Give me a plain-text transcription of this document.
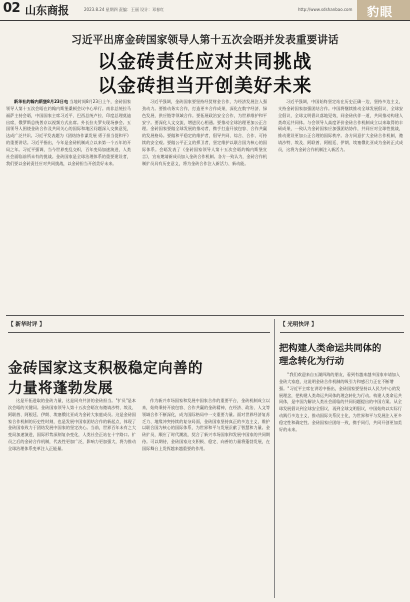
02 山东商报	2023.8.24 星期四 责编：王丽 设计：邓春红	http://www.sdshanbao.com 豹眼
习近平出席金砖国家领导人第十五次会晤并发表重要讲话
以金砖责任应对共同挑战
以金砖担当开创美好未来

新华社约翰内斯堡8月23日电 当地时间8月23日上午，金砖国家领导人第十五次会晤在约翰内斯堡桑顿会议中心举行。南非总统拉马福萨主持会晤，中国国家主席习近平、巴西总统卢拉、印度总理莫迪出席，俄罗斯总统普京以视频方式出席。外长拉夫罗夫现场参会。五国领导人围绕金砖合作及共同关心的国际和地区问题深入交换意见，达成广泛共识。习近平发表题为《团结协作谋发展 勇于担当促和平》的重要讲话。习近平指出，今年是金砖机制成立以来第一个五年的开局之年。习近平强调，当今世界变乱交织，百年变局加速演进，人类社会面临前所未有的挑战。金砖国家是全球治理体系的重要建设者，我们要以金砖责任应对共同挑战，以金砖担当开创美好未来。

习近平强调，金砖国家要坚持经贸财金合作，为经济发展注入强劲动力。要推动务实合作，打造更多合作成果，深化在数字经济、绿色发展、供应链等领域合作。要拓展政治安全合作，为世界维护和平安宁。要深化人文交流，增进民心相通。要推动全球治理更加公正合理。金砖国家要做全球发展的推动者，携手打造开放包容、合作共赢的发展格局。要做和平稳定的维护者，倡导共同、综合、合作、可持续的安全观。要做公平正义的捍卫者，坚定维护以联合国为核心的国际体系。会晤发表了《金砖国家领导人第十五次会晤约翰内斯堡宣言》，宣布邀请新成员加入金砖合作机制。各方一致认为，金砖合作机制扩员具有历史意义，将为金砖合作注入新活力、新动能。

习近平强调，中国始终坚定站在历史正确一边，坚持多边主义，支持金砖国家加强团结合作。中国将继续推动全球发展倡议、全球安全倡议、全球文明倡议落地见效，同金砖伙伴一道，共同推动构建人类命运共同体。与会领导人高度评价金砖合作机制成立以来取得的丰硕成果，一致认为金砖国家应加强团结协作，共同应对全球性挑战，推动建设更加公正合理的国际秩序。各方同意扩大金砖合作机制，邀请沙特、埃及、阿联酋、阿根廷、伊朗、埃塞俄比亚成为金砖正式成员，这将为金砖合作机制注入新活力。

【 新华时评 】
金砖国家这支积极稳定向善的
力量将蓬勃发展

这是开拓进取的金砖力量，这是同舟共济的金砖担当。"扩员"是本次会晤的关键词。金砖国家领导人第十五次会晤宣布邀请沙特、埃及、阿联酋、阿根廷、伊朗、埃塞俄比亚成为金砖大家庭成员。这是金砖国家合作机制的历史性时刻，也是发展中国家团结合作的新起点，体现了金砖国家致力于团结发展中国家的坚定决心。当前，世界百年未有之大变局加速演进，国际形势深刻复杂变化，人类社会正站在十字路口。扩员之后的金砖合作机制，代表性更加广泛，影响力更加强大，将为推动全球治理体系变革注入正能量。

作为新兴市场国家和发展中国家合作的重要平台，金砖机制成立以来，始终秉持开放包容、合作共赢的金砖精神，在经济、政治、人文等领域合作不断深化，成为国际格局中一支重要力量。面对世界经济复苏乏力、地缘冲突持续的复杂局面，金砖国家坚持真正的多边主义，维护以联合国为核心的国际体系，为世界和平与发展贡献了智慧和力量。金砖扩员，顺应了时代潮流，契合了新兴市场国家和发展中国家的共同期待。可以期待，金砖国家这支积极、稳定、向善的力量将蓬勃发展，在国际舞台上发挥越来越重要的作用。

【 光明快评 】
把构建人类命运共同体的
理念转化为行动

"我们欢迎来自五湖四海的朋友，看到有越来越多国家申请加入金砖大家庭，这说明金砖合作机制的吸引力和感召力正在不断增强。"习近平主席在讲话中指出，金砖国家要坚持以人民为中心的发展理念，把构建人类命运共同体的理念转化为行动。构建人类命运共同体，是中国为解决人类社会面临的共同问题提出的中国方案。从全球发展倡议到全球安全倡议，再到全球文明倡议，中国始终以实际行动践行多边主义，推动国际关系民主化，为世界和平与发展注入更多稳定性和确定性。金砖国家应团结一致，携手同行，共同开创更加美好的未来。
